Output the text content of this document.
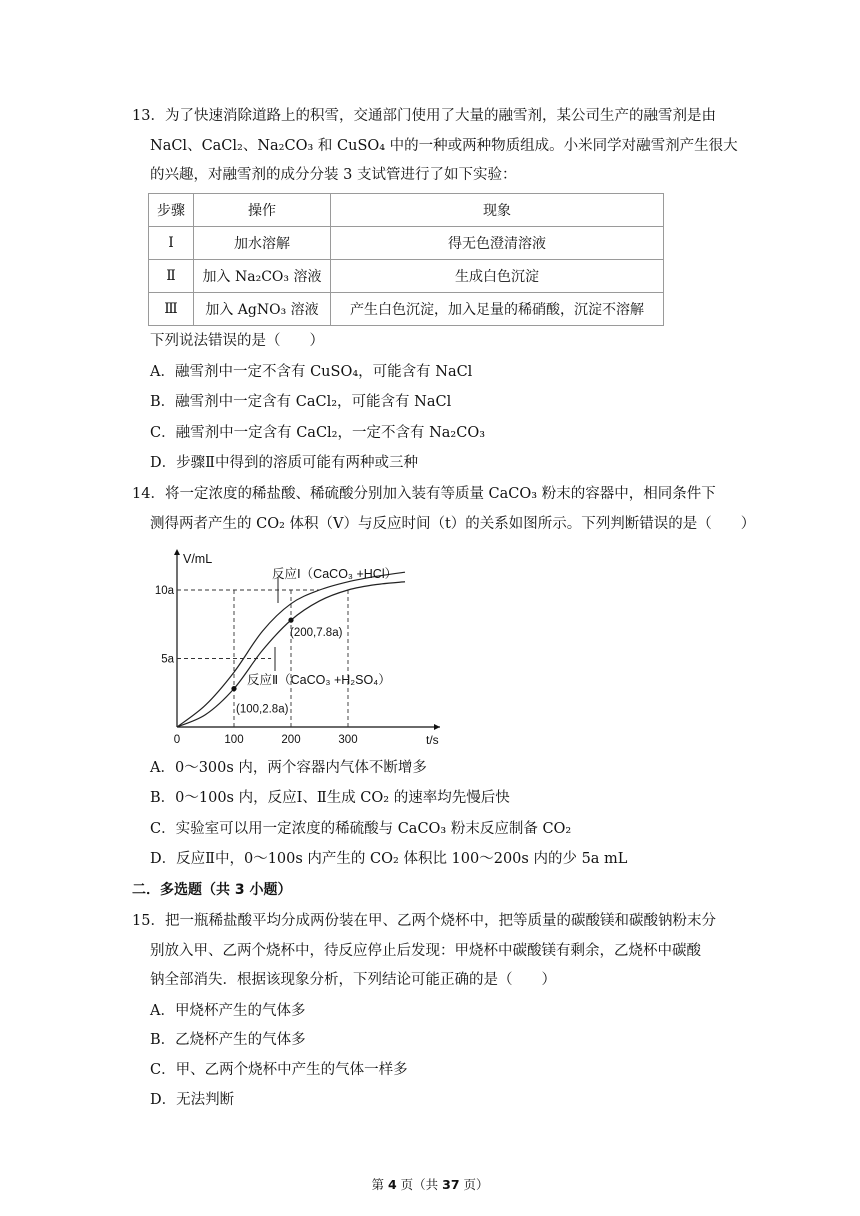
13．为了快速消除道路上的积雪，交通部门使用了大量的融雪剂，某公司生产的融雪剂是由
NaCl、CaCl₂、Na₂CO₃ 和 CuSO₄ 中的一种或两种物质组成。小米同学对融雪剂产生很大
的兴趣，对融雪剂的成分分装 3 支试管进行了如下实验：
步骤	操作	现象
Ⅰ	加水溶解	得无色澄清溶液
Ⅱ	加入 Na₂CO₃ 溶液	生成白色沉淀
Ⅲ	加入 AgNO₃ 溶液	产生白色沉淀，加入足量的稀硝酸，沉淀不溶解
下列说法错误的是（　　）
A．融雪剂中一定不含有 CuSO₄，可能含有 NaCl
B．融雪剂中一定含有 CaCl₂，可能含有 NaCl
C．融雪剂中一定含有 CaCl₂，一定不含有 Na₂CO₃
D．步骤Ⅱ中得到的溶质可能有两种或三种
14．将一定浓度的稀盐酸、稀硫酸分别加入装有等质量 CaCO₃ 粉末的容器中，相同条件下
测得两者产生的 CO₂ 体积（V）与反应时间（t）的关系如图所示。下列判断错误的是（　　）
V/mL
t/s
0	100	200	300
10a
5a
反应Ⅰ（CaCO₃ +HCl）
反应Ⅱ（CaCO₃ +H₂SO₄）
(100,2.8a)
(200,7.8a)
A．0～300s 内，两个容器内气体不断增多
B．0～100s 内，反应Ⅰ、Ⅱ生成 CO₂ 的速率均先慢后快
C．实验室可以用一定浓度的稀硫酸与 CaCO₃ 粉末反应制备 CO₂
D．反应Ⅱ中，0～100s 内产生的 CO₂ 体积比 100～200s 内的少 5a mL
二．多选题（共 3 小题）
15．把一瓶稀盐酸平均分成两份装在甲、乙两个烧杯中，把等质量的碳酸镁和碳酸钠粉末分
别放入甲、乙两个烧杯中，待反应停止后发现：甲烧杯中碳酸镁有剩余，乙烧杯中碳酸
钠全部消失．根据该现象分析，下列结论可能正确的是（　　）
A．甲烧杯产生的气体多
B．乙烧杯产生的气体多
C．甲、乙两个烧杯中产生的气体一样多
D．无法判断
第 4 页（共 37 页）
